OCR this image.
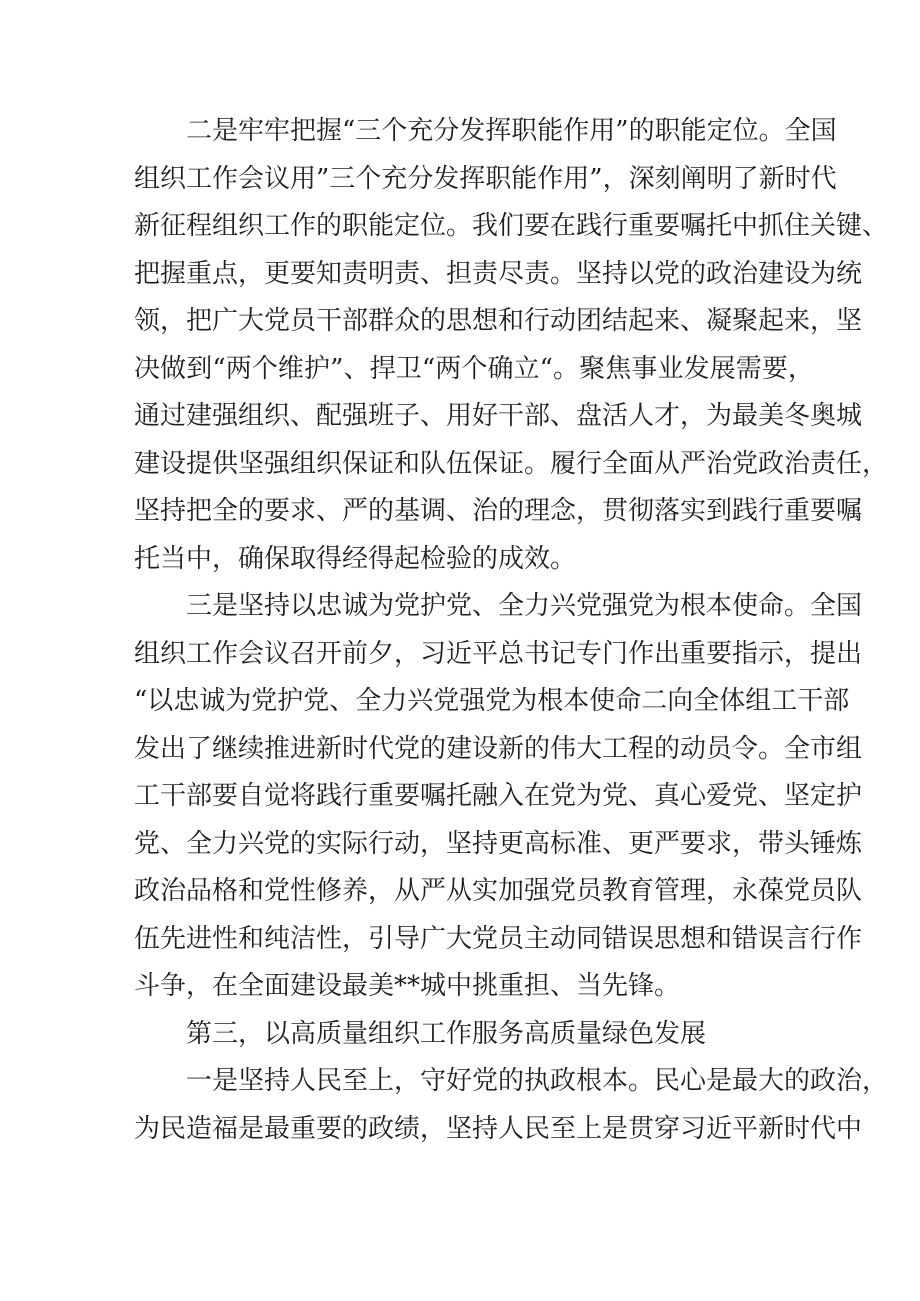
二是牢牢把握“三个充分发挥职能作用”的职能定位。全国
组织工作会议用”三个充分发挥职能作用”，深刻阐明了新时代
新征程组织工作的职能定位。我们要在践行重要嘱托中抓住关键、
把握重点，更要知责明责、担责尽责。坚持以党的政治建设为统
领，把广大党员干部群众的思想和行动团结起来、凝聚起来，坚
决做到“两个维护”、捍卫“两个确立“。聚焦事业发展需要，
通过建强组织、配强班子、用好干部、盘活人才，为最美冬奥城
建设提供坚强组织保证和队伍保证。履行全面从严治党政治责任，
坚持把全的要求、严的基调、治的理念，贯彻落实到践行重要嘱
托当中，确保取得经得起检验的成效。
三是坚持以忠诚为党护党、全力兴党强党为根本使命。全国
组织工作会议召开前夕，习近平总书记专门作出重要指示，提出
“以忠诚为党护党、全力兴党强党为根本使命二向全体组工干部
发出了继续推进新时代党的建设新的伟大工程的动员令。全市组
工干部要自觉将践行重要嘱托融入在党为党、真心爱党、坚定护
党、全力兴党的实际行动，坚持更高标准、更严要求，带头锤炼
政治品格和党性修养，从严从实加强党员教育管理，永葆党员队
伍先进性和纯洁性，引导广大党员主动同错误思想和错误言行作
斗争，在全面建设最美**城中挑重担、当先锋。
第三，以高质量组织工作服务高质量绿色发展
一是坚持人民至上，守好党的执政根本。民心是最大的政治，
为民造福是最重要的政绩，坚持人民至上是贯穿习近平新时代中
